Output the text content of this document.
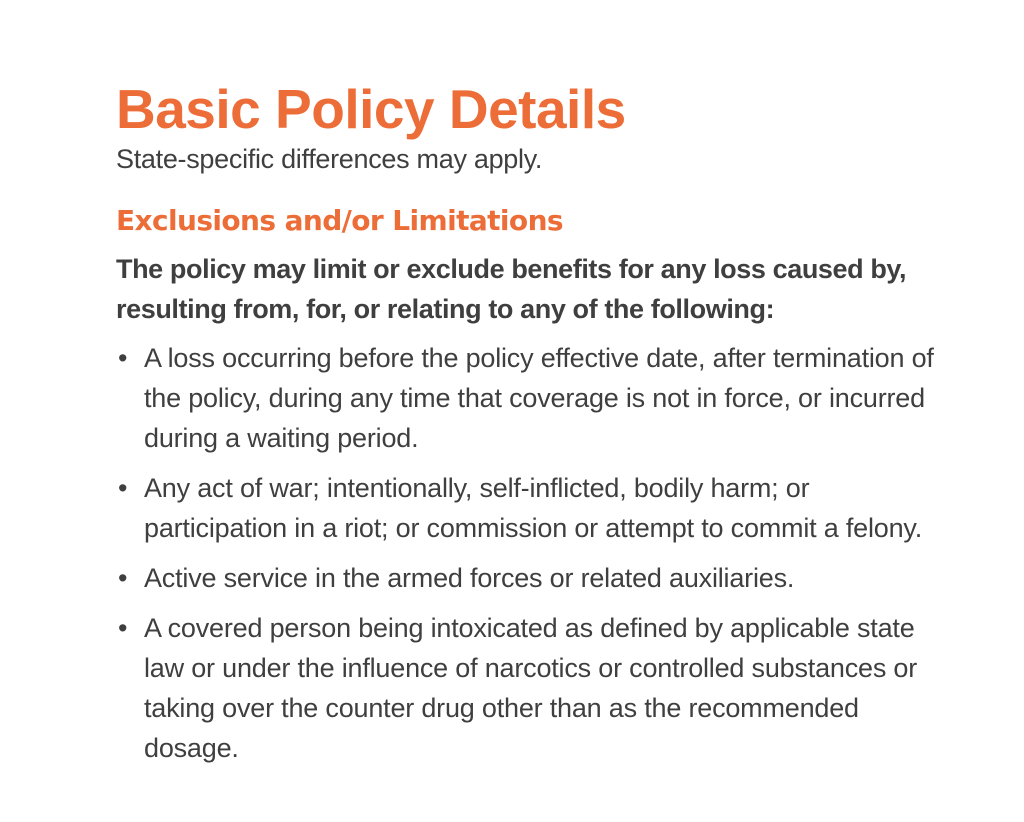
Basic Policy Details

State-specific differences may apply.

Exclusions and/or Limitations

The policy may limit or exclude benefits for any loss caused by, resulting from, for, or relating to any of the following:

• A loss occurring before the policy effective date, after termination of the policy, during any time that coverage is not in force, or incurred during a waiting period.
• Any act of war; intentionally, self-inflicted, bodily harm; or participation in a riot; or commission or attempt to commit a felony.
• Active service in the armed forces or related auxiliaries.
• A covered person being intoxicated as defined by applicable state law or under the influence of narcotics or controlled substances or taking over the counter drug other than as the recommended dosage.
